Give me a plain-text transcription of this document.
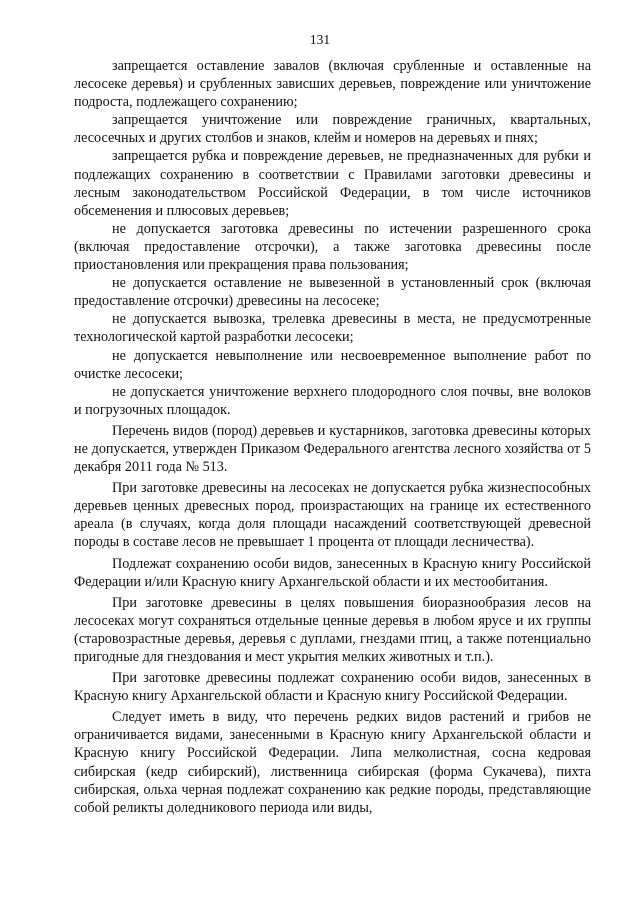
131

запрещается оставление завалов (включая срубленные и оставленные на лесосеке деревья) и срубленных зависших деревьев, повреждение или уничтожение подроста, подлежащего сохранению;

запрещается уничтожение или повреждение граничных, квартальных, лесосечных и других столбов и знаков, клейм и номеров на деревьях и пнях;

запрещается рубка и повреждение деревьев, не предназначенных для рубки и подлежащих сохранению в соответствии с Правилами заготовки древесины и лесным законодательством Российской Федерации, в том числе источников обсеменения и плюсовых деревьев;

не допускается заготовка древесины по истечении разрешенного срока (включая предоставление отсрочки), а также заготовка древесины после приостановления или прекращения права пользования;

не допускается оставление не вывезенной в установленный срок (включая предоставление отсрочки) древесины на лесосеке;

не допускается вывозка, трелевка древесины в места, не предусмотренные технологической картой разработки лесосеки;

не допускается невыполнение или несвоевременное выполнение работ по очистке лесосеки;

не допускается уничтожение верхнего плодородного слоя почвы, вне волоков и погрузочных площадок.

Перечень видов (пород) деревьев и кустарников, заготовка древесины которых не допускается, утвержден Приказом Федерального агентства лесного хозяйства от 5 декабря 2011 года № 513.

При заготовке древесины на лесосеках не допускается рубка жизнеспособных деревьев ценных древесных пород, произрастающих на границе их естественного ареала (в случаях, когда доля площади насаждений соответствующей древесной породы в составе лесов не превышает 1 процента от площади лесничества).

Подлежат сохранению особи видов, занесенных в Красную книгу Российской Федерации и/или Красную книгу Архангельской области и их местообитания.

При заготовке древесины в целях повышения биоразнообразия лесов на лесосеках могут сохраняться отдельные ценные деревья в любом ярусе и их группы (старовозрастные деревья, деревья с дуплами, гнездами птиц, а также потенциально пригодные для гнездования и мест укрытия мелких животных и т.п.).

При заготовке древесины подлежат сохранению особи видов, занесенных в Красную книгу Архангельской области и Красную книгу Российской Федерации.

Следует иметь в виду, что перечень редких видов растений и грибов не ограничивается видами, занесенными в Красную книгу Архангельской области и Красную книгу Российской Федерации. Липа мелколистная, сосна кедровая сибирская (кедр сибирский), лиственница сибирская (форма Сукачева), пихта сибирская, ольха черная подлежат сохранению как редкие породы, представляющие собой реликты доледникового периода или виды,
